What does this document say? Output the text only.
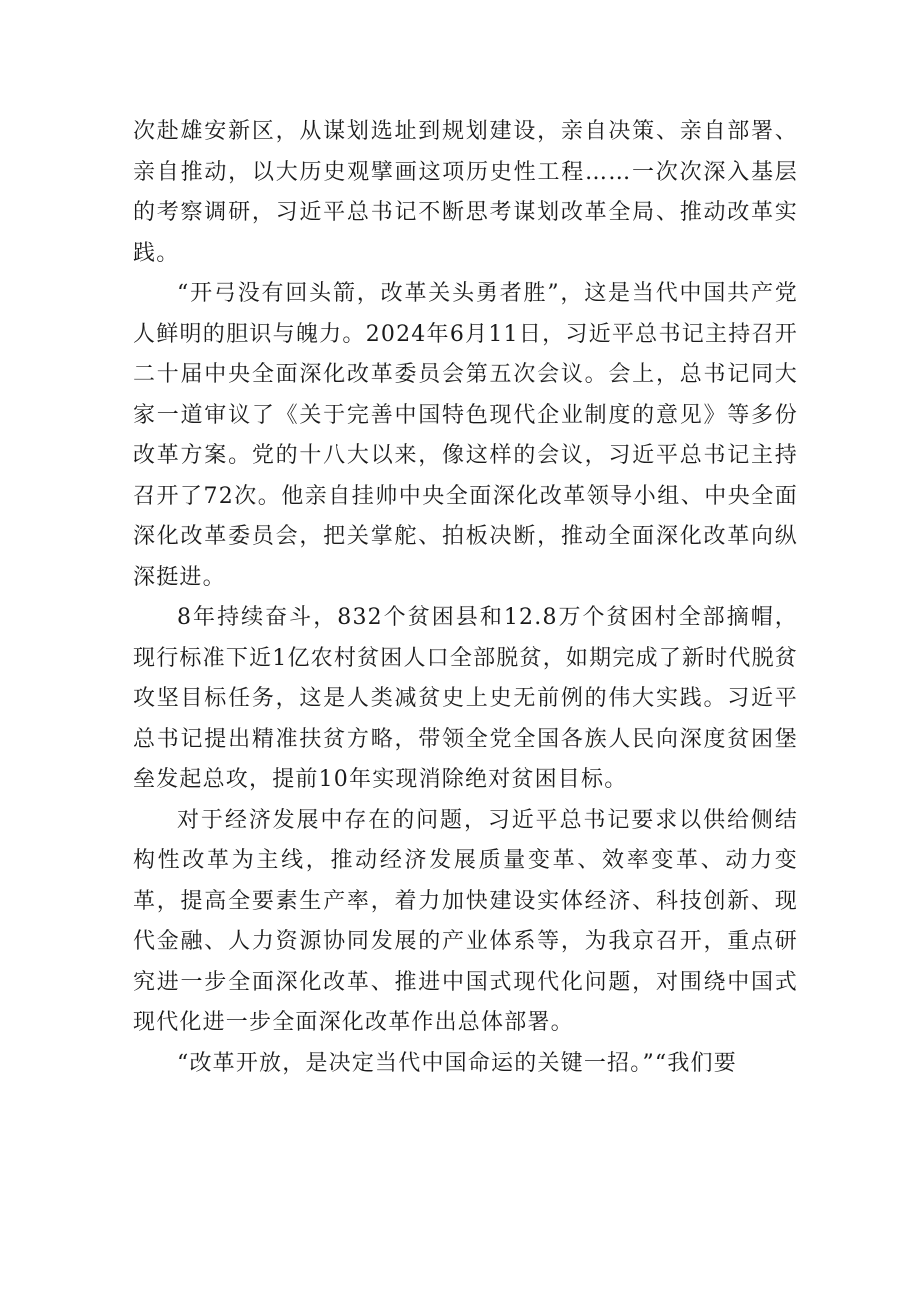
次赴雄安新区，从谋划选址到规划建设，亲自决策、亲自部署、亲自推动，以大历史观擘画这项历史性工程……一次次深入基层的考察调研，习近平总书记不断思考谋划改革全局、推动改革实践。

“开弓没有回头箭，改革关头勇者胜”，这是当代中国共产党人鲜明的胆识与魄力。2024年6月11日，习近平总书记主持召开二十届中央全面深化改革委员会第五次会议。会上，总书记同大家一道审议了《关于完善中国特色现代企业制度的意见》等多份改革方案。党的十八大以来，像这样的会议，习近平总书记主持召开了72次。他亲自挂帅中央全面深化改革领导小组、中央全面深化改革委员会，把关掌舵、拍板决断，推动全面深化改革向纵深挺进。

8年持续奋斗，832个贫困县和12.8万个贫困村全部摘帽，现行标准下近1亿农村贫困人口全部脱贫，如期完成了新时代脱贫攻坚目标任务，这是人类减贫史上史无前例的伟大实践。习近平总书记提出精准扶贫方略，带领全党全国各族人民向深度贫困堡垒发起总攻，提前10年实现消除绝对贫困目标。

对于经济发展中存在的问题，习近平总书记要求以供给侧结构性改革为主线，推动经济发展质量变革、效率变革、动力变革，提高全要素生产率，着力加快建设实体经济、科技创新、现代金融、人力资源协同发展的产业体系等，为我京召开，重点研究进一步全面深化改革、推进中国式现代化问题，对围绕中国式现代化进一步全面深化改革作出总体部署。

“改革开放，是决定当代中国命运的关键一招。”“我们要
